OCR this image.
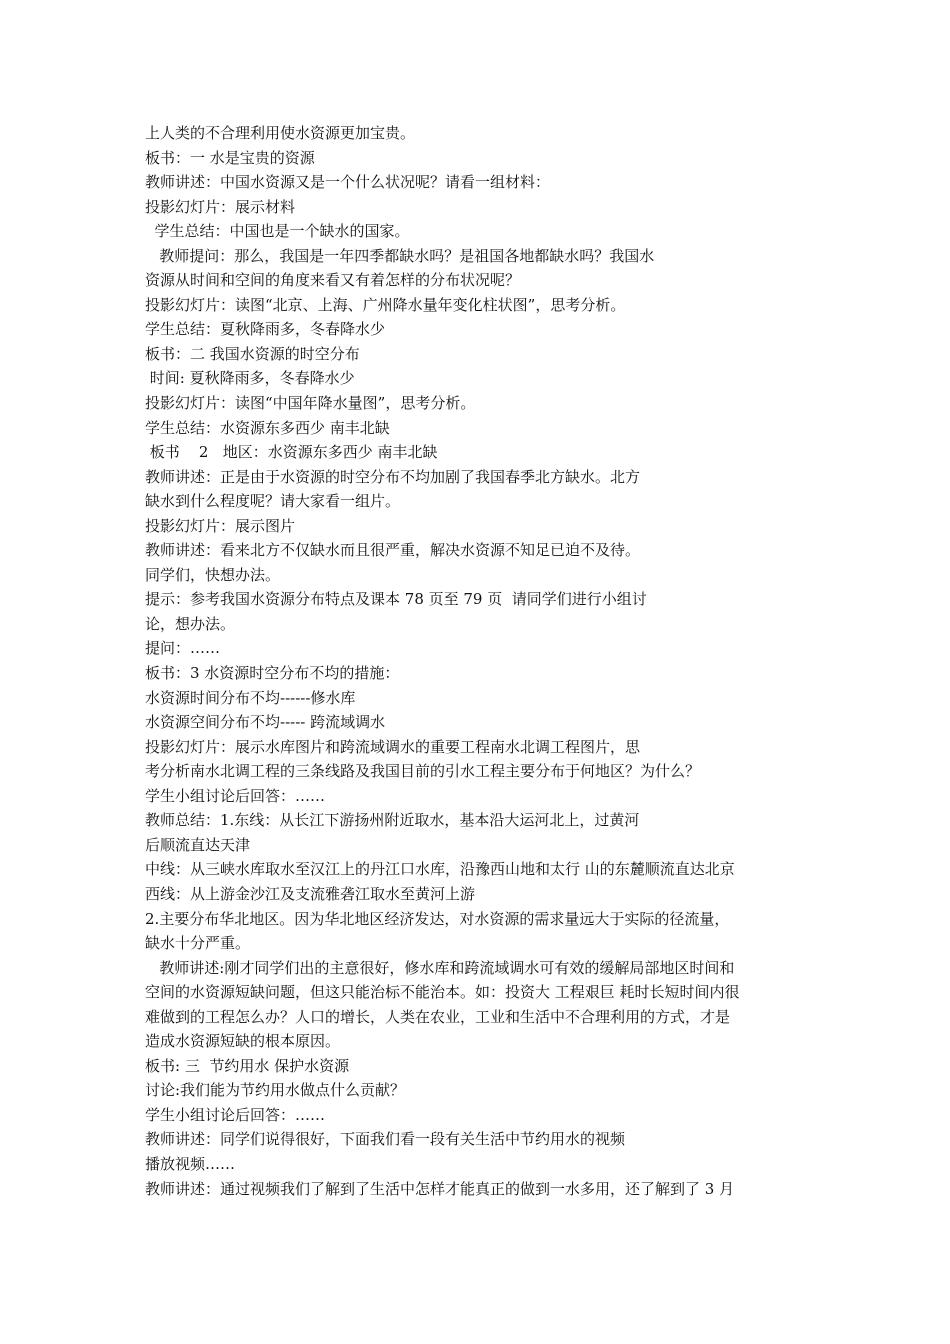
上人类的不合理利用使水资源更加宝贵。
板书：一 水是宝贵的资源
教师讲述：中国水资源又是一个什么状况呢？请看一组材料：
投影幻灯片：展示材料
学生总结：中国也是一个缺水的国家。
教师提问：那么，我国是一年四季都缺水吗？是祖国各地都缺水吗？我国水
资源从时间和空间的角度来看又有着怎样的分布状况呢？
投影幻灯片：读图“北京、上海、广州降水量年变化柱状图”，思考分析。
学生总结：夏秋降雨多，冬春降水少
板书：二 我国水资源的时空分布
时间: 夏秋降雨多，冬春降水少
投影幻灯片：读图“中国年降水量图”，思考分析。
学生总结：水资源东多西少 南丰北缺
板书    2   地区：水资源东多西少 南丰北缺
教师讲述：正是由于水资源的时空分布不均加剧了我国春季北方缺水。北方
缺水到什么程度呢？请大家看一组片。
投影幻灯片：展示图片
教师讲述：看来北方不仅缺水而且很严重，解决水资源不知足已迫不及待。
同学们，快想办法。
提示：参考我国水资源分布特点及课本 78 页至 79 页  请同学们进行小组讨
论，想办法。
提问：……
板书：3 水资源时空分布不均的措施：
水资源时间分布不均------修水库
水资源空间分布不均----- 跨流域调水
投影幻灯片：展示水库图片和跨流域调水的重要工程南水北调工程图片，思
考分析南水北调工程的三条线路及我国目前的引水工程主要分布于何地区？为什么？
学生小组讨论后回答：……
教师总结：1.东线：从长江下游扬州附近取水，基本沿大运河北上，过黄河
后顺流直达天津
中线：从三峡水库取水至汉江上的丹江口水库，沿豫西山地和太行 山的东麓顺流直达北京
西线：从上游金沙江及支流雅砻江取水至黄河上游
2.主要分布华北地区。因为华北地区经济发达，对水资源的需求量远大于实际的径流量，
缺水十分严重。
教师讲述:刚才同学们出的主意很好，修水库和跨流域调水可有效的缓解局部地区时间和
空间的水资源短缺问题，但这只能治标不能治本。如：投资大 工程艰巨 耗时长短时间内很
难做到的工程怎么办？人口的增长，人类在农业，工业和生活中不合理利用的方式，才是
造成水资源短缺的根本原因。
板书: 三  节约用水 保护水资源
讨论:我们能为节约用水做点什么贡献？
学生小组讨论后回答：……
教师讲述：同学们说得很好，下面我们看一段有关生活中节约用水的视频
播放视频……
教师讲述：通过视频我们了解到了生活中怎样才能真正的做到一水多用，还了解到了 3 月
